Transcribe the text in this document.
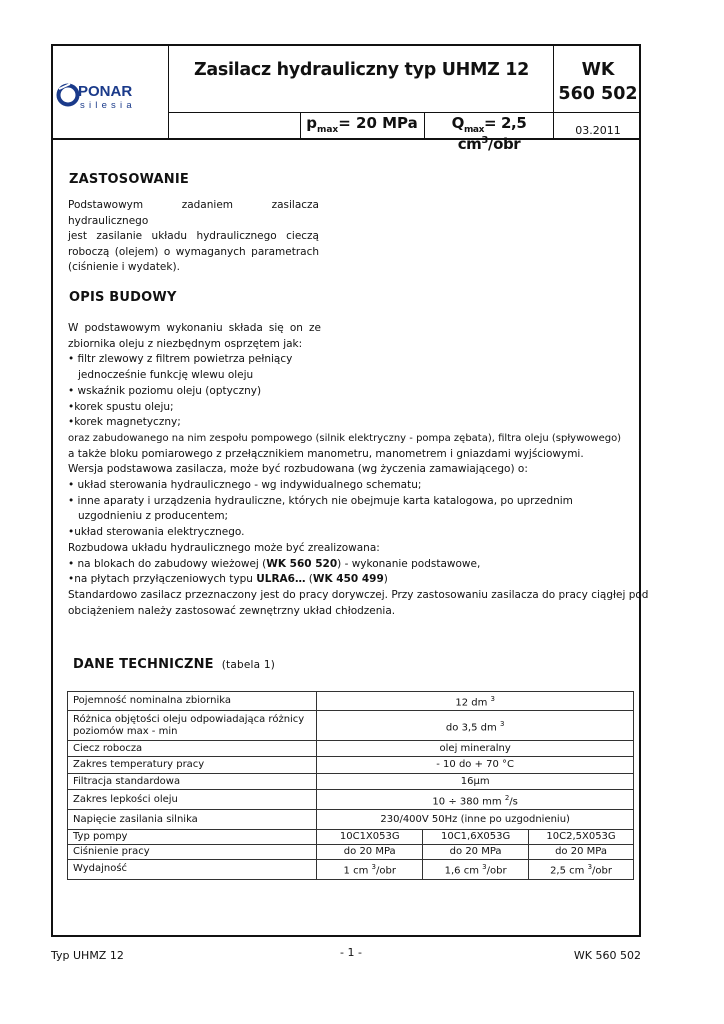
PONAR
silesia
Zasilacz hydrauliczny typ UHMZ 12	WK
560 502
$p_{max}= 20$ MPa	$Q_{max}= 2,5$ $cm^3$/obr
03.2011
ZASTOSOWANIE
Podstawowym zadaniem zasilacza hydraulicznego
jest zasilanie układu hydraulicznego cieczą
roboczą (olejem) o wymaganych parametrach
(ciśnienie i wydatek).
OPIS BUDOWY
W podstawowym wykonaniu składa się on ze
zbiornika oleju z niezbędnym osprzętem jak:
• filtr zlewowy z filtrem powietrza pełniący
jednocześnie funkcję wlewu oleju
• wskaźnik poziomu oleju (optyczny)
•korek spustu oleju;
•korek magnetyczny;
oraz zabudowanego na nim zespołu pompowego (silnik elektryczny - pompa zębata), filtra oleju (spływowego)
a także bloku pomiarowego z przełącznikiem manometru, manometrem i gniazdami wyjściowymi.
Wersja podstawowa zasilacza, może być rozbudowana (wg życzenia zamawiającego) o:
• układ sterowania hydraulicznego - wg indywidualnego schematu;
• inne aparaty i urządzenia hydrauliczne, których nie obejmuje karta katalogowa, po uprzednim
uzgodnieniu z producentem;
•układ sterowania elektrycznego.
Rozbudowa układu hydraulicznego może być zrealizowana:
• na blokach do zabudowy wieżowej (WK 560 520) - wykonanie podstawowe,
•na płytach przyłączeniowych typu ULRA6… (WK 450 499)
Standardowo zasilacz przeznaczony jest do pracy dorywczej. Przy zastosowaniu zasilacza do pracy ciągłej pod
obciążeniem należy zastosować zewnętrzny układ chłodzenia.
DANE TECHNICZNE (tabela 1)
Pojemność nominalna zbiornika	12 dm $^3$
Różnica objętości oleju odpowiadająca różnicy poziomów max - min	do 3,5 dm $^3$
Ciecz robocza	olej mineralny		
Zakres temperatury pracy	- 10 do + 70 °C		
Filtracja standardowa	16μm		
Zakres lepkości oleju	10 ÷ 380 mm $^2$/s		
Napięcie zasilania silnika	230/400V 50Hz (inne po uzgodnieniu)		
Typ pompy	10C1X053G	10C1,6X053G	10C2,5X053G
Ciśnienie pracy	do 20 MPa	do 20 MPa	do 20 MPa
Wydajność	1 cm $^3$/obr	1,6 cm $^3$/obr	2,5 cm $^3$/obr
Typ UHMZ 12	- 1 -	WK 560 502
